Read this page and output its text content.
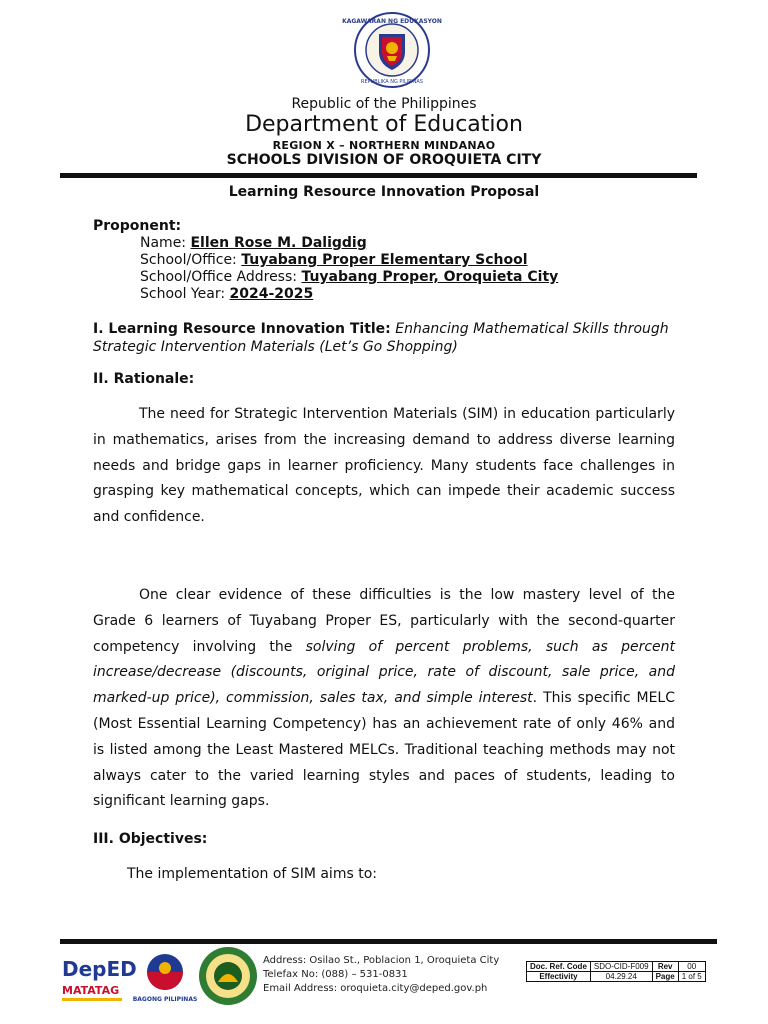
KAGAWARAN NG EDUKASYON
REPUBLIKA NG PILIPINAS
Republic of the Philippines
Department of Education
REGION X – NORTHERN MINDANAO
SCHOOLS DIVISION OF OROQUIETA CITY
Learning Resource Innovation Proposal
Proponent:
Name: Ellen Rose M. Daligdig
School/Office: Tuyabang Proper Elementary School
School/Office Address: Tuyabang Proper, Oroquieta City
School Year: 2024-2025
I. Learning Resource Innovation Title: Enhancing Mathematical Skills through Strategic Intervention Materials (Let’s Go Shopping)
II. Rationale:
The need for Strategic Intervention Materials (SIM) in education particularly in mathematics, arises from the increasing demand to address diverse learning needs and bridge gaps in learner proficiency. Many students face challenges in grasping key mathematical concepts, which can impede their academic success and confidence.
One clear evidence of these difficulties is the low mastery level of the Grade 6 learners of Tuyabang Proper ES, particularly with the second-quarter competency involving the solving of percent problems, such as percent increase/decrease (discounts, original price, rate of discount, sale price, and marked-up price), commission, sales tax, and simple interest. This specific MELC (Most Essential Learning Competency) has an achievement rate of only 46% and is listed among the Least Mastered MELCs. Traditional teaching methods may not always cater to the varied learning styles and paces of students, leading to significant learning gaps.
III. Objectives:
The implementation of SIM aims to:
DepED
MATATAG
BAGONG PILIPINAS
Address: Osilao St., Poblacion 1, Oroquieta City
Telefax No: (088) – 531-0831
Email Address: oroquieta.city@deped.gov.ph
Doc. Ref. Code	SDO-CID-F009	Rev	00
Effectivity	04.29.24	Page	1 of 5
